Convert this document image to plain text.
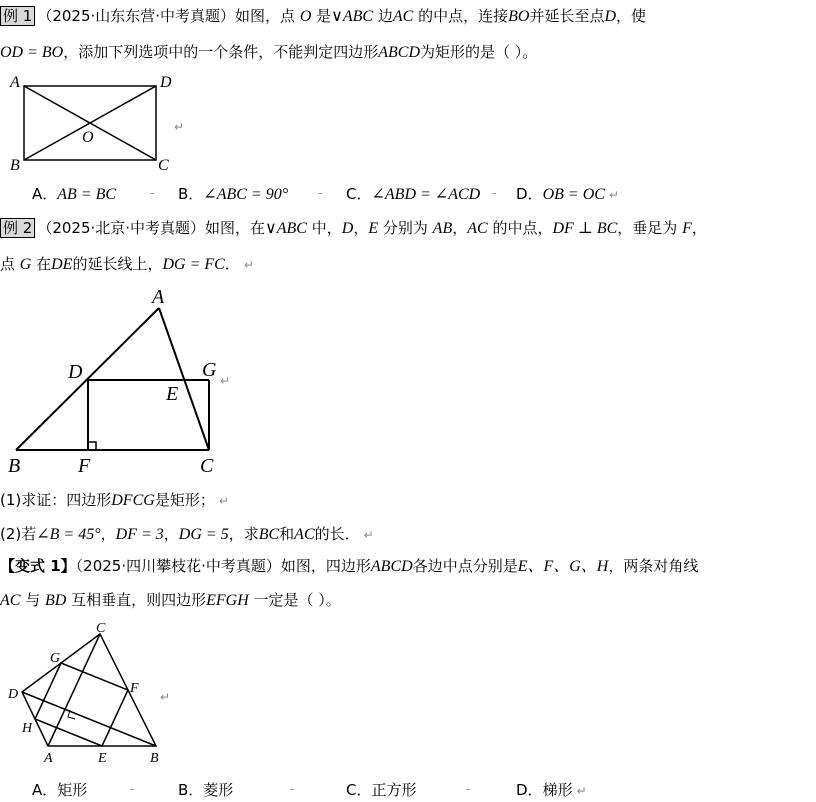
例 1 （2025·山东东营·中考真题）如图，点 O 是∨ABC 边AC 的中点，连接BO并延长至点D，使
OD = BO，添加下列选项中的一个条件，不能判定四边形ABCD为矩形的是（ ）。
A	D
O
B	C
↵
A．AB = BC	- B．∠ABC = 90° - C．∠ABD = ∠ACD - D．OB = OC ↵
例 2 （2025·北京·中考真题）如图，在∨ABC 中，D，E 分别为 AB，AC 的中点，DF ⊥ BC，垂足为 F，
点 G 在DE的延长线上，DG = FC． ↵
A
D	G
E
B	F	C
↵
(1)求证：四边形DFCG是矩形； ↵
(2)若∠B = 45°，DF = 3，DG = 5，求BC和AC的长． ↵
【变式 1】（2025·四川攀枝花·中考真题）如图，四边形ABCD各边中点分别是E、F、G、H，两条对角线
AC 与 BD 互相垂直，则四边形EFGH 一定是（ ）。
C
G
F
D
H
A	E	B
↵
A．矩形	-	B．菱形	-	C．正方形	-	D．梯形 ↵
